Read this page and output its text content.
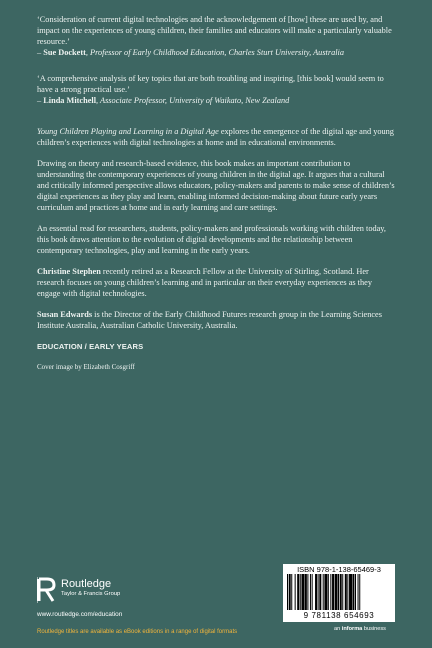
‘Consideration of current digital technologies and the acknowledgement of [how] these are used by, and impact on the experiences of young children, their families and educators will make a particularly valuable resource.’
– Sue Dockett, Professor of Early Childhood Education, Charles Sturt University, Australia

‘A comprehensive analysis of key topics that are both troubling and inspiring, [this book] would seem to have a strong practical use.’
– Linda Mitchell, Associate Professor, University of Waikato, New Zealand

Young Children Playing and Learning in a Digital Age explores the emergence of the digital age and young children’s experiences with digital technologies at home and in educational environments.

Drawing on theory and research-based evidence, this book makes an important contribution to understanding the contemporary experiences of young children in the digital age. It argues that a cultural and critically informed perspective allows educators, policy-makers and parents to make sense of children’s digital experiences as they play and learn, enabling informed decision-making about future early years curriculum and practices at home and in early learning and care settings.

An essential read for researchers, students, policy-makers and professionals working with children today, this book draws attention to the evolution of digital developments and the relationship between contemporary technologies, play and learning in the early years.

Christine Stephen recently retired as a Research Fellow at the University of Stirling, Scotland. Her research focuses on young children’s learning and in particular on their everyday experiences as they engage with digital technologies.

Susan Edwards is the Director of the Early Childhood Futures research group in the Learning Sciences Institute Australia, Australian Catholic University, Australia.

EDUCATION / EARLY YEARS

Cover image by Elizabeth Cosgriff

Routledge
Taylor & Francis Group
www.routledge.com/education
Routledge titles are available as eBook editions in a range of digital formats
ISBN 978-1-138-65469-3
9 781138 654693
an informa business
